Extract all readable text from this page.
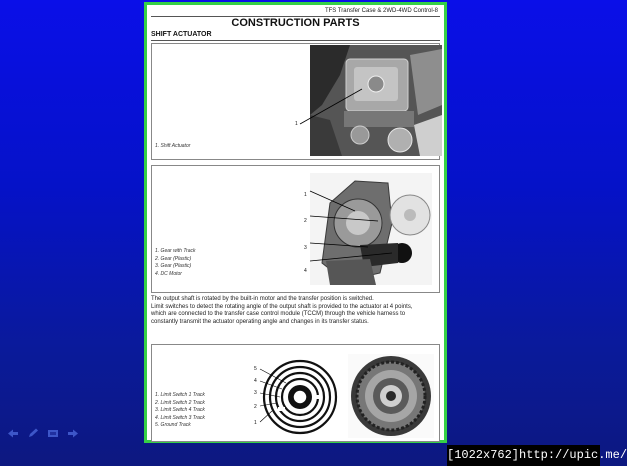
TFS Transfer Case & 2WD-4WD Control-8
CONSTRUCTION PARTS
SHIFT ACTUATOR
1. Shift Actuator
1
1. Gear with Track
2. Gear (Plastic)
3. Gear (Plastic)
4. DC Motor
1
2
3
4
The output shaft is rotated by the built-in motor and the transfer position is switched.
Limit switches to detect the rotating angle of the output shaft is provided to the actuator at 4 points,
which are connected to the transfer case control module (TCCM) through the vehicle harness to
constantly transmit the actuator operating angle and changes in its transfer status.
1. Limit Switch 1 Track
2. Limit Switch 2 Track
3. Limit Switch 4 Track
4. Limit Switch 3 Track
5. Ground Track
5
4
3
2
1
[1022x762]http://upic.me/
